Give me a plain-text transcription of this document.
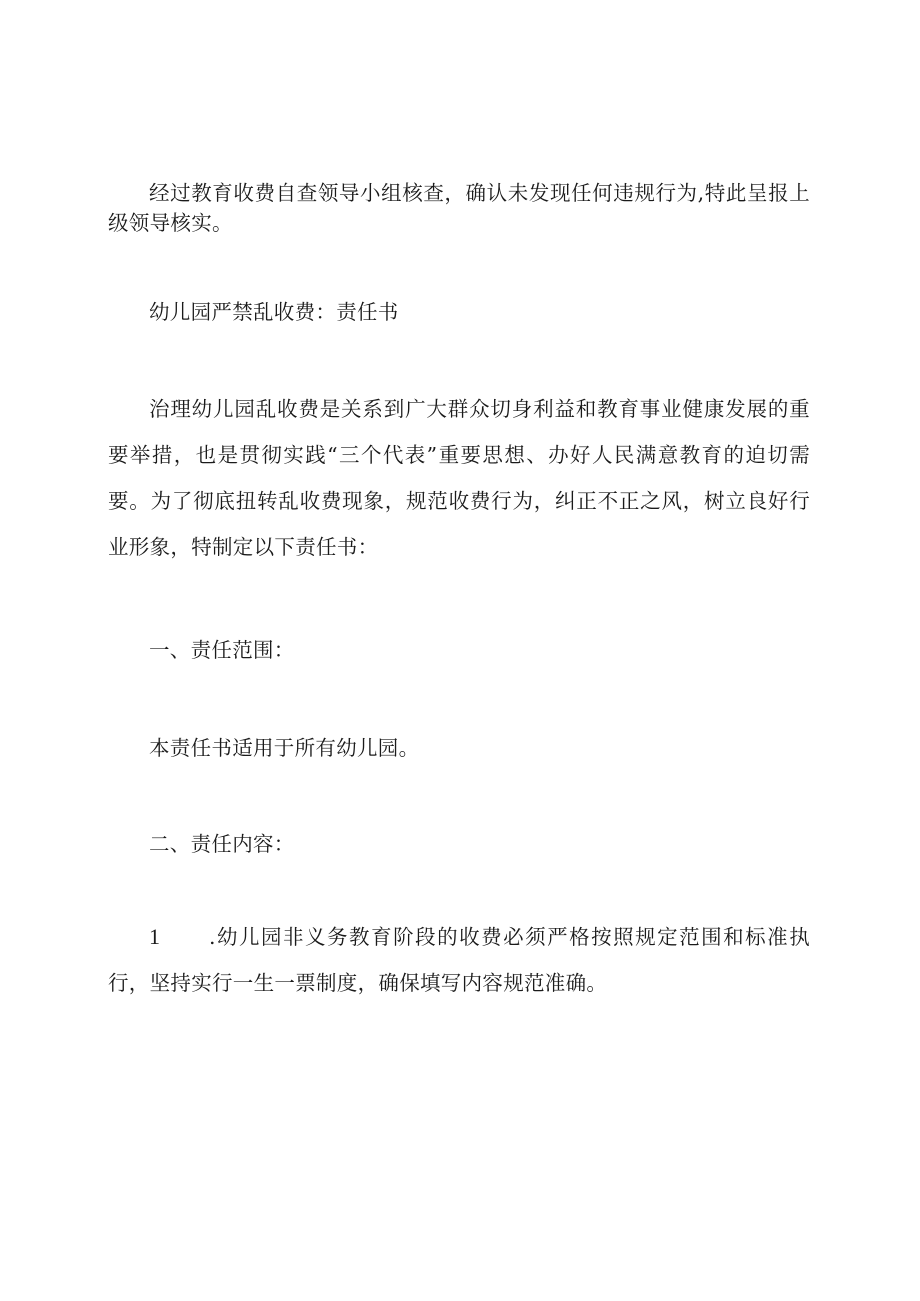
经过教育收费自查领导小组核查，确认未发现任何违规行为,特此呈报上级领导核实。

幼儿园严禁乱收费：责任书

治理幼儿园乱收费是关系到广大群众切身利益和教育事业健康发展的重要举措，也是贯彻实践“三个代表”重要思想、办好人民满意教育的迫切需要。为了彻底扭转乱收费现象，规范收费行为，纠正不正之风，树立良好行业形象，特制定以下责任书：

一、责任范围：

本责任书适用于所有幼儿园。

二、责任内容：

1 .幼儿园非义务教育阶段的收费必须严格按照规定范围和标准执行，坚持实行一生一票制度，确保填写内容规范准确。
